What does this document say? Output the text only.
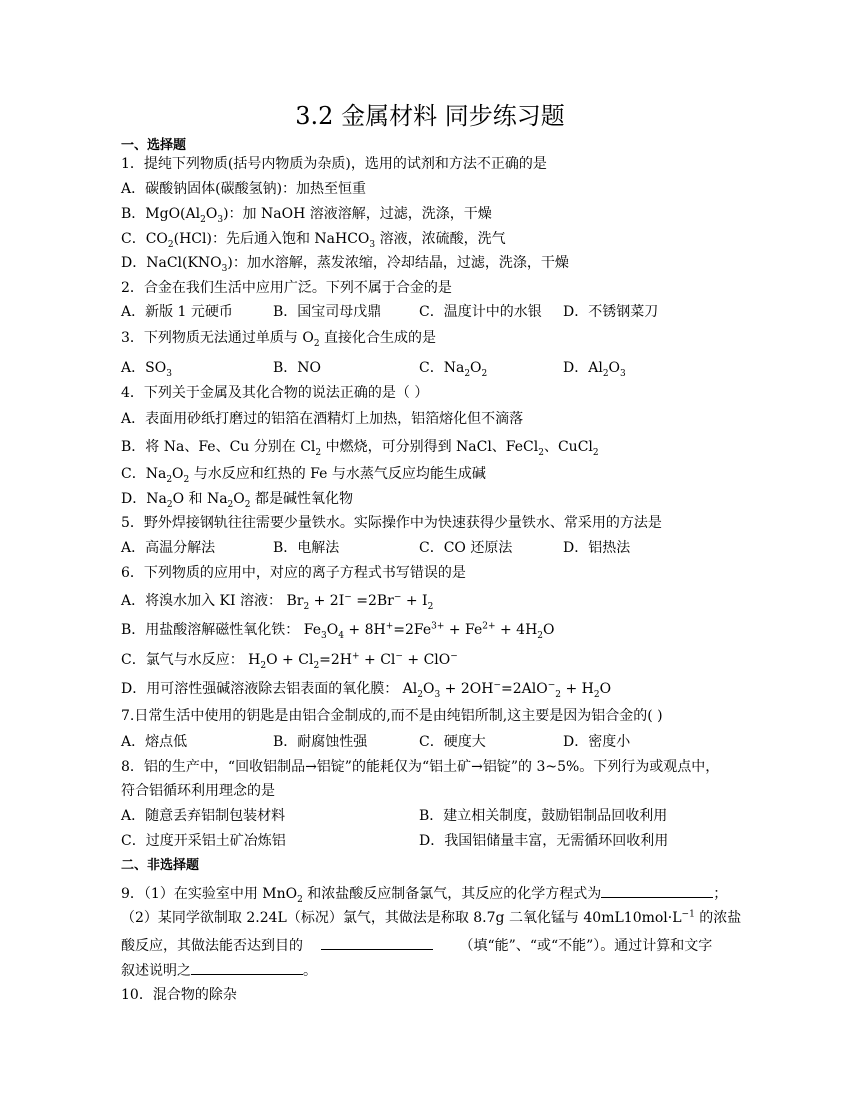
3.2 金属材料 同步练习题
一、选择题
1．提纯下列物质(括号内物质为杂质)，选用的试剂和方法不正确的是
A．碳酸钠固体(碳酸氢钠)：加热至恒重
B．$MgO(Al_2O_3)$：加 NaOH 溶液溶解，过滤，洗涤，干燥
C．$CO_2(HCl)$：先后通入饱和 NaHCO$_3$ 溶液，浓硫酸，洗气
D．$NaCl(KNO_3)$：加水溶解，蒸发浓缩，冷却结晶，过滤，洗涤，干燥
2．合金在我们生活中应用广泛。下列不属于合金的是
A．新版 1 元硬币	B．国宝司母戊鼎	C．温度计中的水银 D．不锈钢菜刀
3．下列物质无法通过单质与 $O_2$ 直接化合生成的是
A．$SO_3$	B．NO	C．$Na_2O_2$	D．$Al_2O_3$
4．下列关于金属及其化合物的说法正确的是（ ）
A．表面用砂纸打磨过的铝箔在酒精灯上加热，铝箔熔化但不滴落
B．将 Na、Fe、Cu 分别在 $Cl_2$ 中燃烧，可分别得到 NaCl、FeCl$_2$、CuCl$_2$
C．$Na_2O_2$ 与水反应和红热的 Fe 与水蒸气反应均能生成碱
D．$Na_2O$ 和 $Na_2O_2$ 都是碱性氧化物
5．野外焊接钢轨往往需要少量铁水。实际操作中为快速获得少量铁水、常采用的方法是
A．高温分解法	B．电解法	C．CO 还原法	D．铝热法
6．下列物质的应用中，对应的离子方程式书写错误的是
A．将溴水加入 KI 溶液： $Br_2 + 2I^- =2Br^- + I_2$
B．用盐酸溶解磁性氧化铁： $Fe_3O_4 + 8H^+=2Fe^{3+} + Fe^{2+} + 4H_2O$
C．氯气与水反应： $H_2O + Cl_2=2H^+ + Cl^- + ClO^-$
D．用可溶性强碱溶液除去铝表面的氧化膜： $Al_2O_3 + 2OH^-=2AlO^-_2 + H_2O$
7.日常生活中使用的钥匙是由铝合金制成的,而不是由纯铝所制,这主要是因为铝合金的( )
A．熔点低	B．耐腐蚀性强	C．硬度大	D．密度小
8．铝的生产中，“回收铝制品→铝锭”的能耗仅为“铝土矿→铝锭”的 3~5%。下列行为或观点中，
符合铝循环利用理念的是
A．随意丢弃铝制包装材料	B．建立相关制度，鼓励铝制品回收利用
C．过度开采铝土矿冶炼铝	D．我国铝储量丰富，无需循环回收利用
二、非选择题
9．（1）在实验室中用 MnO$_2$ 和浓盐酸反应制备氯气，其反应的化学方程式为	；
（2）某同学欲制取 2.24L（标况）氯气，其做法是称取 8.7g 二氧化锰与 $40mL10mol\cdot L^{-1}$ 的浓盐
酸反应，其做法能否达到目的	（填“能”、“或“不能”）。通过计算和文字
叙述说明之	。
10．混合物的除杂
